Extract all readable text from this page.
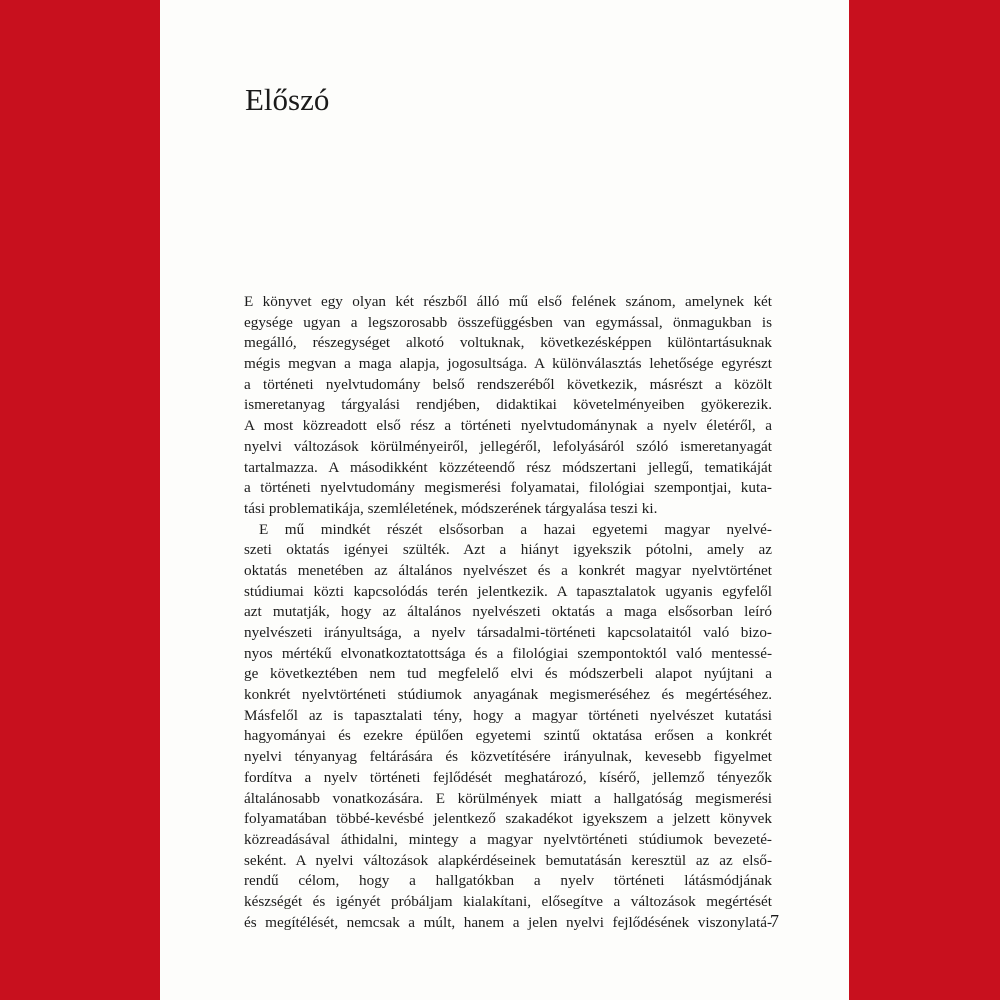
Előszó
E könyvet egy olyan két részből álló mű első felének szánom, amelynek két
egysége ugyan a legszorosabb összefüggésben van egymással, önmagukban is
megálló, részegységet alkotó voltuknak, következésképpen különtartásuknak
mégis megvan a maga alapja, jogosultsága. A különválasztás lehetősége egyrészt
a történeti nyelvtudomány belső rendszeréből következik, másrészt a közölt
ismeretanyag tárgyalási rendjében, didaktikai követelményeiben gyökerezik.
A most közreadott első rész a történeti nyelvtudománynak a nyelv életéről, a
nyelvi változások körülményeiről, jellegéről, lefolyásáról szóló ismeretanyagát
tartalmazza. A másodikként közzéteendő rész módszertani jellegű, tematikáját
a történeti nyelvtudomány megismerési folyamatai, filológiai szempontjai, kuta-
tási problematikája, szemléletének, módszerének tárgyalása teszi ki.
E mű mindkét részét elsősorban a hazai egyetemi magyar nyelvé-
szeti oktatás igényei szülték. Azt a hiányt igyekszik pótolni, amely az
oktatás menetében az általános nyelvészet és a konkrét magyar nyelvtörténet
stúdiumai közti kapcsolódás terén jelentkezik. A tapasztalatok ugyanis egyfelől
azt mutatják, hogy az általános nyelvészeti oktatás a maga elsősorban leíró
nyelvészeti irányultsága, a nyelv társadalmi-történeti kapcsolataitól való bizo-
nyos mértékű elvonatkoztatottsága és a filológiai szempontoktól való mentessé-
ge következtében nem tud megfelelő elvi és módszerbeli alapot nyújtani a
konkrét nyelvtörténeti stúdiumok anyagának megismeréséhez és megértéséhez.
Másfelől az is tapasztalati tény, hogy a magyar történeti nyelvészet kutatási
hagyományai és ezekre épülően egyetemi szintű oktatása erősen a konkrét
nyelvi tényanyag feltárására és közvetítésére irányulnak, kevesebb figyelmet
fordítva a nyelv történeti fejlődését meghatározó, kísérő, jellemző tényezők
általánosabb vonatkozására. E körülmények miatt a hallgatóság megismerési
folyamatában többé-kevésbé jelentkező szakadékot igyekszem a jelzett könyvek
közreadásával áthidalni, mintegy a magyar nyelvtörténeti stúdiumok bevezeté-
seként. A nyelvi változások alapkérdéseinek bemutatásán keresztül az az első-
rendű célom, hogy a hallgatókban a nyelv történeti látásmódjának
készségét és igényét próbáljam kialakítani, elősegítve a változások megértését
és megítélését, nemcsak a múlt, hanem a jelen nyelvi fejlődésének viszonylatá-

7
